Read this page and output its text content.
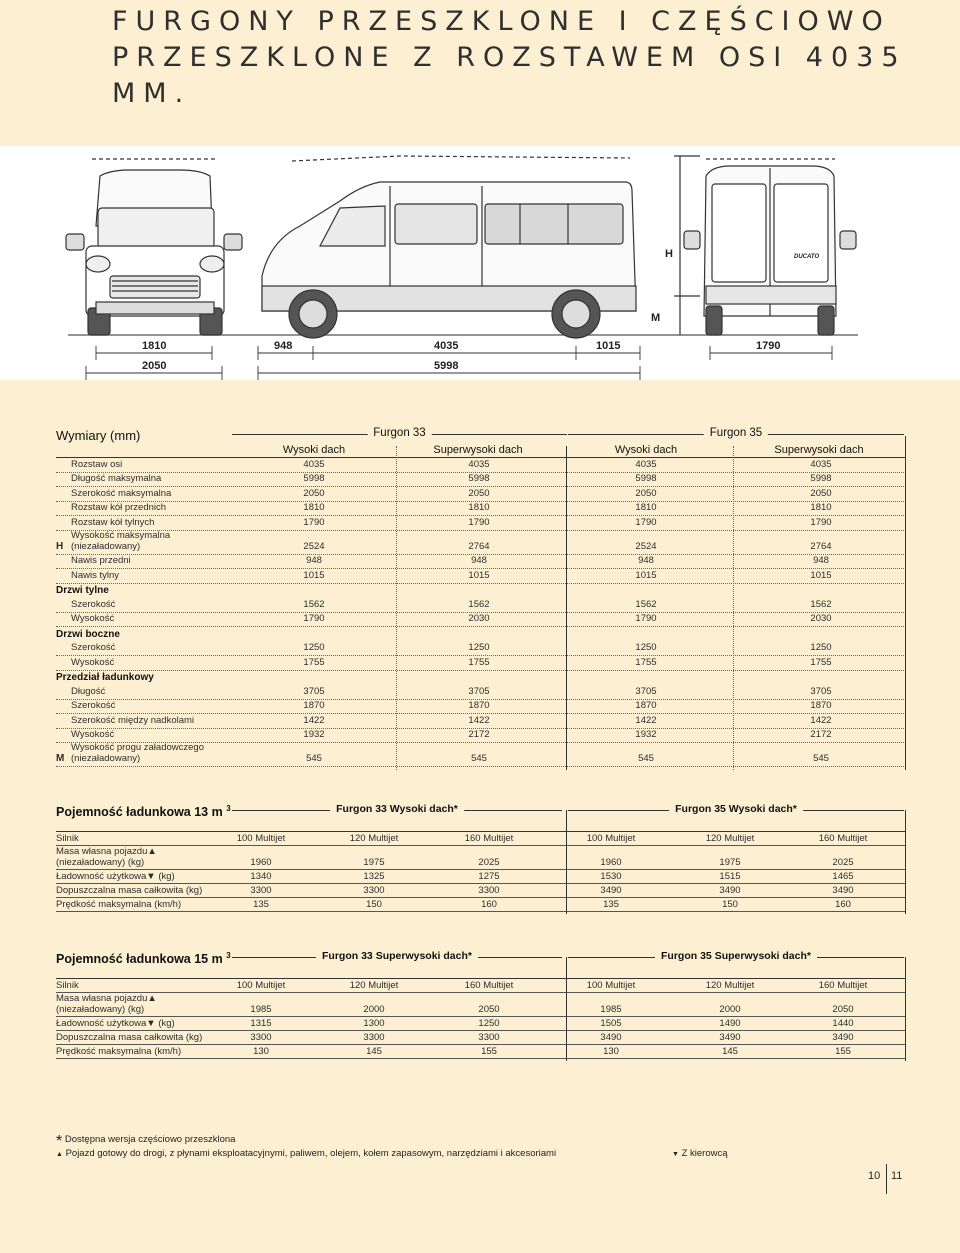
FURGONY PRZESZKLONE I CZĘŚCIOWO
PRZESZKLONE Z ROZSTAWEM OSI 4035 MM.
1810
2050
948	4035	1015
5998
1790
H
M
DUCATO
Wymiary (mm)	Furgon 33	Furgon 35
Wysoki dach	Superwysoki dach	Wysoki dach	Superwysoki dach
Rozstaw osi	4035	4035	4035	4035
Długość maksymalna	5998	5998	5998	5998
Szerokość maksymalna	2050	2050	2050	2050
Rozstaw kół przednich	1810	1810	1810	1810
Rozstaw kół tylnych	1790	1790	1790	1790
H
Wysokość maksymalna
(niezaładowany)	2524	2764	2524	2764
Nawis przedni	948	948	948	948
Nawis tylny	1015	1015	1015	1015
Drzwi tylne
Szerokość	1562	1562	1562	1562
Wysokość	1790	2030	1790	2030
Drzwi boczne
Szerokość	1250	1250	1250	1250
Wysokość	1755	1755	1755	1755
Przedział ładunkowy
Długość	3705	3705	3705	3705
Szerokość	1870	1870	1870	1870
Szerokość między nadkolami	1422	1422	1422	1422
Wysokość	1932	2172	1932	2172
M
Wysokość progu załadowczego
(niezaładowany)	545	545	545	545
Pojemność ładunkowa 13 m $^3$	Furgon 33 Wysoki dach*	Furgon 35 Wysoki dach*
Silnik	100 Multijet	120 Multijet	160 Multijet	100 Multijet	120 Multijet	160 Multijet
Masa własna pojazdu▲
(niezaładowany) (kg)	1960	1975	2025	1960	1975	2025
Ładowność użytkowa▼ (kg)	1340	1325	1275	1530	1515	1465
Dopuszczalna masa całkowita (kg)	3300	3300	3300	3490	3490	3490
Prędkość maksymalna (km/h)	135	150	160	135	150	160
Pojemność ładunkowa 15 m $^3$	Furgon 33 Superwysoki dach*	Furgon 35 Superwysoki dach*
Silnik	100 Multijet	120 Multijet	160 Multijet	100 Multijet	120 Multijet	160 Multijet
Masa własna pojazdu▲
(niezaładowany) (kg)	1985	2000	2050	1985	2000	2050
Ładowność użytkowa▼ (kg)	1315	1300	1250	1505	1490	1440
Dopuszczalna masa całkowita (kg)	3300	3300	3300	3490	3490	3490
Prędkość maksymalna (km/h)	130	145	155	130	145	155
* Dostępna wersja częściowo przeszklona
▲ Pojazd gotowy do drogi, z płynami eksploatacyjnymi, paliwem, olejem, kołem zapasowym, narzędziami i akcesoriami	▼ Z kierowcą
10 11
